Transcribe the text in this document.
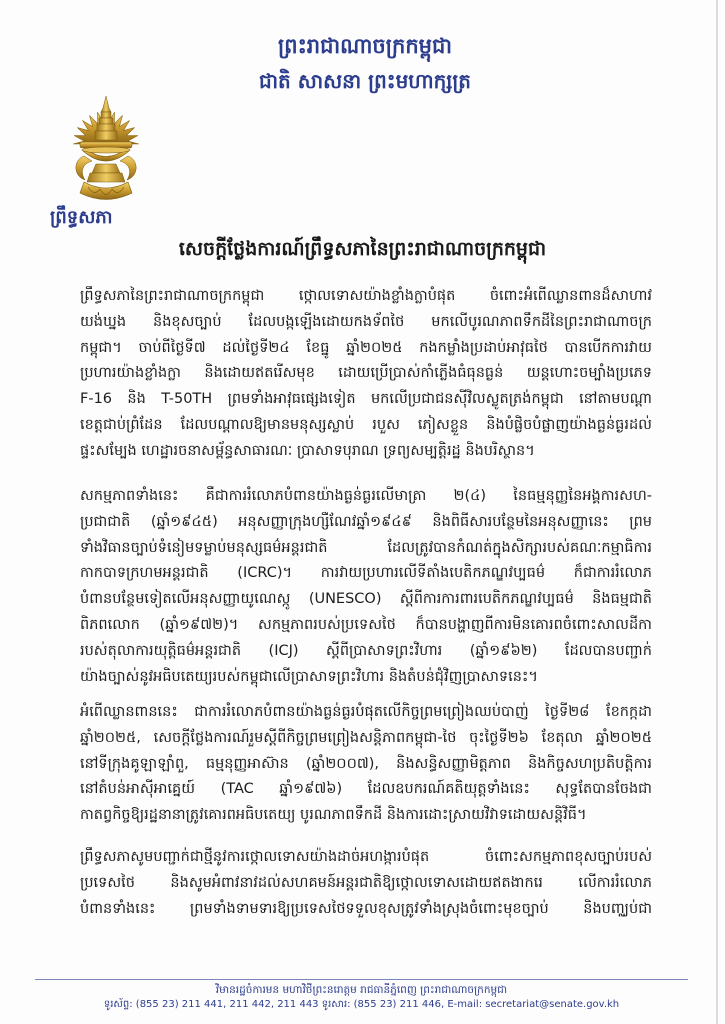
ព្រះរាជាណាចក្រកម្ពុជា
ជាតិ សាសនា ព្រះមហាក្សត្រ
ព្រឹទ្ធសភា
សេចក្តីថ្លែងការណ៍ព្រឹទ្ធសភានៃព្រះរាជាណាចក្រកម្ពុជា
ព្រឹទ្ធសភានៃព្រះរាជាណាចក្រកម្ពុជា ថ្កោលទោសយ៉ាងខ្លាំងក្លាបំផុត ចំពោះអំពើឈ្លានពានដ៏សាហាវ
យង់ឃ្នង និងខុសច្បាប់ ដែលបង្កឡើងដោយកងទ័ពថៃ មកលើបូរណភាពទឹកដីនៃព្រះរាជាណាចក្រ
កម្ពុជា។ ចាប់ពីថ្ងៃទី៧ ដល់ថ្ងៃទី២៤ ខែធ្នូ ឆ្នាំ២០២៥ កងកម្លាំងប្រដាប់អាវុធថៃ បានបើកការវាយ
ប្រហារយ៉ាងខ្លាំងក្លា និងដោយឥតរើសមុខ ដោយប្រើប្រាស់កាំភ្លើងធំធុនធ្ងន់ យន្តហោះចម្បាំងប្រភេទ
F-16 និង T-50TH ព្រមទាំងអាវុធផ្សេងទៀត មកលើប្រជាជនស៊ីវិលស្លូតត្រង់កម្ពុជា នៅតាមបណ្តា
ខេត្តជាប់ព្រំដែន ដែលបណ្តាលឱ្យមានមនុស្សស្លាប់ របួស ភៀសខ្លួន និងបំផ្លិចបំផ្លាញយ៉ាងធ្ងន់ធ្ងរដល់
ផ្ទះសម្បែង ហេដ្ឋារចនាសម្ព័ន្ធសាធារណៈ ប្រាសាទបុរាណ ទ្រព្យសម្បត្តិរដ្ឋ និងបរិស្ថាន។
សកម្មភាពទាំងនេះ គឺជាការរំលោភបំពានយ៉ាងធ្ងន់ធ្ងរលើមាត្រា ២(៤) នៃធម្មនុញ្ញនៃអង្គការសហ-
ប្រជាជាតិ (ឆ្នាំ១៩៤៥) អនុសញ្ញាក្រុងហ្សឺណែវឆ្នាំ១៩៤៩ និងពិធីសារបន្ថែមនៃអនុសញ្ញានេះ ព្រម
ទាំងវិធានច្បាប់ទំនៀមទម្លាប់មនុស្សធម៌អន្តរជាតិ ដែលត្រូវបានកំណត់ក្នុងសិក្សារបស់គណៈកម្មាធិការ
កាកបាទក្រហមអន្តរជាតិ (ICRC)។ ការវាយប្រហារលើទីតាំងបេតិកភណ្ឌវប្បធម៌ ក៏ជាការរំលោភ
បំពានបន្ថែមទៀតលើអនុសញ្ញាយូណេស្កូ (UNESCO) ស្តីពីការការពារបេតិកភណ្ឌវប្បធម៌ និងធម្មជាតិ
ពិភពលោក (ឆ្នាំ១៩៧២)។ សកម្មភាពរបស់ប្រទេសថៃ ក៏បានបង្ហាញពីការមិនគោរពចំពោះសាលដីកា
របស់តុលាការយុត្តិធម៌អន្តរជាតិ (ICJ) ស្តីពីប្រាសាទព្រះវិហារ (ឆ្នាំ១៩៦២) ដែលបានបញ្ជាក់
យ៉ាងច្បាស់នូវអធិបតេយ្យរបស់កម្ពុជាលើប្រាសាទព្រះវិហារ និងតំបន់ជុំវិញប្រាសាទនេះ។
អំពើឈ្លានពាននេះ ជាការរំលោភបំពានយ៉ាងធ្ងន់ធ្ងរបំផុតលើកិច្ចព្រមព្រៀងឈប់បាញ់ ថ្ងៃទី២៨ ខែកក្កដា
ឆ្នាំ២០២៥, សេចក្តីថ្លែងការណ៍រួមស្តីពីកិច្ចព្រមព្រៀងសន្តិភាពកម្ពុជា-ថៃ ចុះថ្ងៃទី២៦ ខែតុលា ឆ្នាំ២០២៥
នៅទីក្រុងគូឡាឡាំពួ, ធម្មនុញ្ញអាស៊ាន (ឆ្នាំ២០០៧), និងសន្ធិសញ្ញាមិត្តភាព និងកិច្ចសហប្រតិបត្តិការ
នៅតំបន់អាស៊ីអាគ្នេយ៍ (TAC ឆ្នាំ១៩៧៦) ដែលឧបករណ៍គតិយុត្តទាំងនេះ សុទ្ធតែបានចែងជា
កាតព្វកិច្ចឱ្យរដ្ឋនានាត្រូវគោរពអធិបតេយ្យ បូរណភាពទឹកដី និងការដោះស្រាយវិវាទដោយសន្តិវិធី។
ព្រឹទ្ធសភាសូមបញ្ជាក់ជាថ្មីនូវការថ្កោលទោសយ៉ាងដាច់អហង្ការបំផុត ចំពោះសកម្មភាពខុសច្បាប់របស់
ប្រទេសថៃ និងសូមអំពាវនាវដល់សហគមន៍អន្តរជាតិឱ្យថ្កោលទោសដោយឥតងាករេ លើការរំលោភ
បំពានទាំងនេះ ព្រមទាំងទាមទារឱ្យប្រទេសថៃទទួលខុសត្រូវទាំងស្រុងចំពោះមុខច្បាប់ និងបញ្ឈប់ជា
វិមានរដ្ឋចំការមន មហាវិថីព្រះនរោត្តម រាជធានីភ្នំពេញ ព្រះរាជាណាចក្រកម្ពុជា
ទូរស័ព្ទ: (855 23) 211 441, 211 442, 211 443 ទូរសារ: (855 23) 211 446, E-mail: secretariat@senate.gov.kh
